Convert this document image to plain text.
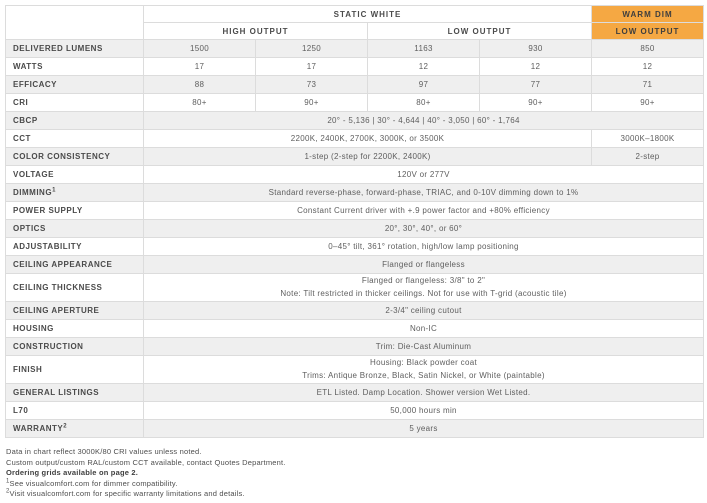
	STATIC WHITE				WARM DIM
	HIGH OUTPUT		LOW OUTPUT		LOW OUTPUT
DELIVERED LUMENS	1500	1250	1163	930	850
WATTS	17	17	12	12	12
EFFICACY	88	73	97	77	71
CRI	80+	90+	80+	90+	90+
CBCP	20° - 5,136 | 30° - 4,644 | 40° - 3,050 | 60° - 1,764				
CCT	2200K, 2400K, 2700K, 3000K, or 3500K				3000K–1800K
COLOR CONSISTENCY	1-step (2-step for 2200K, 2400K)				2-step
VOLTAGE	120V or 277V				
DIMMING$^1$	Standard reverse-phase, forward-phase, TRIAC, and 0-10V dimming down to 1%				
POWER SUPPLY	Constant Current driver with +.9 power factor and +80% efficiency				
OPTICS	20°, 30°, 40°, or 60°				
ADJUSTABILITY	0–45° tilt, 361° rotation, high/low lamp positioning				
CEILING APPEARANCE	Flanged or flangeless				
CEILING THICKNESS	Flanged or flangeless: 3/8" to 2"
Note: Tilt restricted in thicker ceilings. Not for use with T-grid (acoustic tile)				

CEILING APERTURE	2-3/4" ceiling cutout				
HOUSING	Non-IC				
CONSTRUCTION	Trim: Die-Cast Aluminum				
FINISH	Housing: Black powder coat
Trims: Antique Bronze, Black, Satin Nickel, or White (paintable)				

GENERAL LISTINGS	ETL Listed. Damp Location. Shower version Wet Listed.				
L70	50,000 hours min				
WARRANTY$^2$	5 years				
Data in chart reflect 3000K/80 CRI values unless noted.
Custom output/custom RAL/custom CCT available, contact Quotes Department.
Ordering grids available on page 2.
$^1$See visualcomfort.com for dimmer compatibility.
$^2$Visit visualcomfort.com for specific warranty limitations and details.
